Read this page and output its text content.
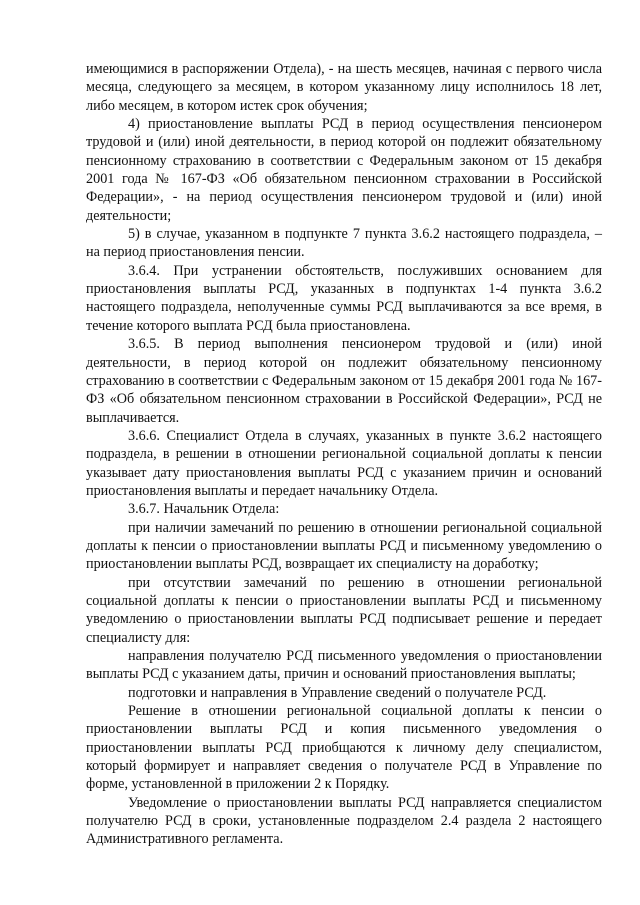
имеющимися в распоряжении Отдела), - на шесть месяцев, начиная с первого числа месяца, следующего за месяцем, в котором указанному лицу исполнилось 18 лет, либо месяцем, в котором истек срок обучения;

4) приостановление выплаты РСД в период осуществления пенсионером трудовой и (или) иной деятельности, в период которой он подлежит обязательному пенсионному страхованию в соответствии с Федеральным законом от 15 декабря 2001 года № 167-ФЗ «Об обязательном пенсионном страховании в Российской Федерации», - на период осуществления пенсионером трудовой и (или) иной деятельности;

5) в случае, указанном в подпункте 7 пункта 3.6.2 настоящего подраздела, – на период приостановления пенсии.

3.6.4. При устранении обстоятельств, послуживших основанием для приостановления выплаты РСД, указанных в подпунктах 1-4 пункта 3.6.2 настоящего подраздела, неполученные суммы РСД выплачиваются за все время, в течение которого выплата РСД была приостановлена.

3.6.5. В период выполнения пенсионером трудовой и (или) иной деятельности, в период которой он подлежит обязательному пенсионному страхованию в соответствии с Федеральным законом от 15 декабря 2001 года № 167-ФЗ «Об обязательном пенсионном страховании в Российской Федерации», РСД не выплачивается.

3.6.6. Специалист Отдела в случаях, указанных в пункте 3.6.2 настоящего подраздела, в решении в отношении региональной социальной доплаты к пенсии указывает дату приостановления выплаты РСД с указанием причин и оснований приостановления выплаты и передает начальнику Отдела.

3.6.7. Начальник Отдела:

при наличии замечаний по решению в отношении региональной социальной доплаты к пенсии о приостановлении выплаты РСД и письменному уведомлению о приостановлении выплаты РСД, возвращает их специалисту на доработку;

при отсутствии замечаний по решению в отношении региональной социальной доплаты к пенсии о приостановлении выплаты РСД и письменному уведомлению о приостановлении выплаты РСД подписывает решение и передает специалисту для:

направления получателю РСД письменного уведомления о приостановлении выплаты РСД с указанием даты, причин и оснований приостановления выплаты;

подготовки и направления в Управление сведений о получателе РСД.

Решение в отношении региональной социальной доплаты к пенсии о приостановлении выплаты РСД и копия письменного уведомления о приостановлении выплаты РСД приобщаются к личному делу специалистом, который формирует и направляет сведения о получателе РСД в Управление по форме, установленной в приложении 2 к Порядку.

Уведомление о приостановлении выплаты РСД направляется специалистом получателю РСД в сроки, установленные подразделом 2.4 раздела 2 настоящего Административного регламента.
